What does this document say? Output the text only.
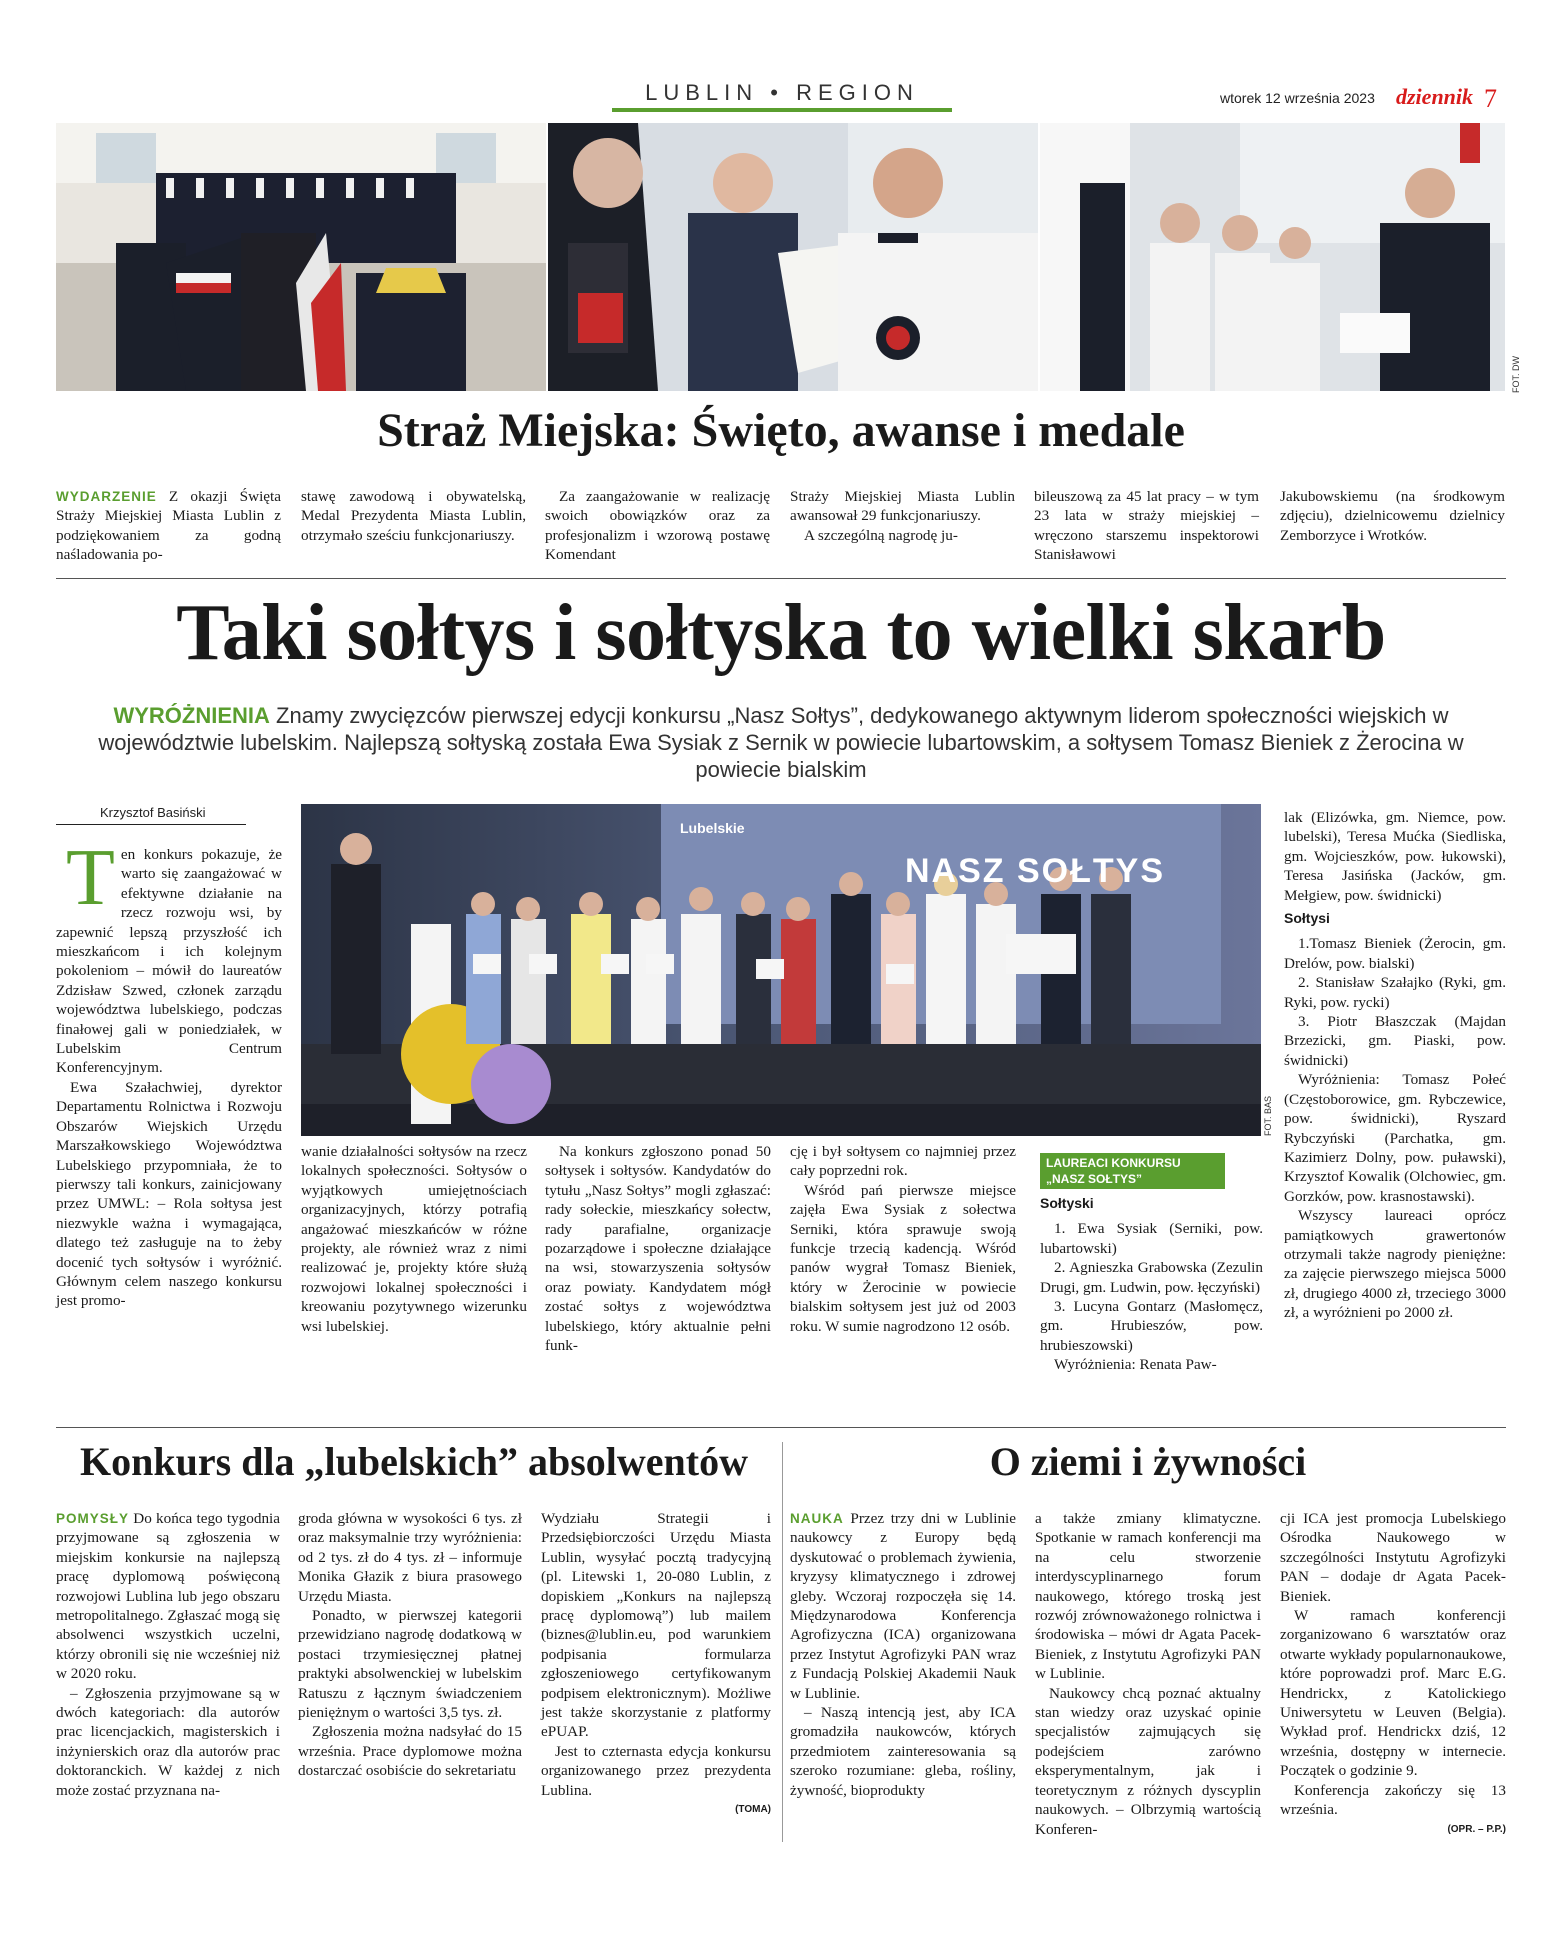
LUBLIN • REGION	wtorek 12 września 2023 dziennik 7
FOT. DW
Straż Miejska: Święto, awanse i medale

WYDARZENIE Z okazji Święta Straży Miejskiej Miasta Lublin z podziękowaniem za godną naśladowania po-

stawę zawodową i obywatelską, Medal Prezydenta Miasta Lublin, otrzymało sześciu funkcjonariuszy.

Za zaangażowanie w realizację swoich obowiązków oraz za profesjonalizm i wzorową postawę Komendant

Straży Miejskiej Miasta Lublin awansował 29 funkcjonariuszy.

A szczególną nagrodę ju-

bileuszową za 45 lat pracy – w tym 23 lata w straży miejskiej – wręczono starszemu inspektorowi Stanisławowi

Jakubowskiemu (na środkowym zdjęciu), dzielnicowemu dzielnicy Zemborzyce i Wrotków.

Taki sołtys i sołtyska to wielki skarb
WYRÓŻNIENIA Znamy zwycięzców pierwszej edycji konkursu „Nasz Sołtys”, dedykowanego aktywnym liderom społeczności wiejskich w województwie lubelskim. Najlepszą sołtyską została Ewa Sysiak z Sernik w powiecie lubartowskim, a sołtysem Tomasz Bieniek z Żerocina w powiecie bialskim
Krzysztof Basiński

Ten konkurs pokazuje, że warto się zaangażować w efektywne działanie na rzecz rozwoju wsi, by zapewnić lepszą przyszłość ich mieszkańcom i ich kolejnym pokoleniom – mówił do laureatów Zdzisław Szwed, członek zarządu województwa lubelskiego, podczas finałowej gali w poniedziałek, w Lubelskim Centrum Konferencyjnym.

Ewa Szałachwiej, dyrektor Departamentu Rolnictwa i Rozwoju Obszarów Wiejskich Urzędu Marszałkowskiego Województwa Lubelskiego przypomniała, że to pierwszy tali konkurs, zainicjowany przez UMWL: – Rola sołtysa jest niezwykle ważna i wymagająca, dlatego też zasługuje na to żeby docenić tych sołtysów i wyróżnić. Głównym celem naszego konkursu jest promo-

Lubelskie
NASZ SOŁTYS
FOT. BAS

wanie działalności sołtysów na rzecz lokalnych społeczności. Sołtysów o wyjątkowych umiejętnościach organizacyjnych, którzy potrafią angażować mieszkańców w różne projekty, ale również wraz z nimi realizować je, projekty które służą rozwojowi lokalnej społeczności i kreowaniu pozytywnego wizerunku wsi lubelskiej.

Na konkurs zgłoszono ponad 50 sołtysek i sołtysów. Kandydatów do tytułu „Nasz Sołtys” mogli zgłaszać: rady sołeckie, mieszkańcy sołectw, rady parafialne, organizacje pozarządowe i społeczne działające na wsi, stowarzyszenia sołtysów oraz powiaty. Kandydatem mógł zostać sołtys z województwa lubelskiego, który aktualnie pełni funk-

cję i był sołtysem co najmniej przez cały poprzedni rok.

Wśród pań pierwsze miejsce zajęła Ewa Sysiak z sołectwa Serniki, która sprawuje swoją funkcje trzecią kadencją. Wśród panów wygrał Tomasz Bieniek, który w Żerocinie w powiecie bialskim sołtysem jest już od 2003 roku. W sumie nagrodzono 12 osób.

LAUREACI KONKURSU „NASZ SOŁTYS”
Sołtyski

1. Ewa Sysiak (Serniki, pow. lubartowski)

2. Agnieszka Grabowska (Zezulin Drugi, gm. Ludwin, pow. łęczyński)

3. Lucyna Gontarz (Masłomęcz, gm. Hrubieszów, pow. hrubieszowski)

Wyróżnienia: Renata Paw-

lak (Elizówka, gm. Niemce, pow. lubelski), Teresa Mućka (Siedliska, gm. Wojcieszków, pow. łukowski), Teresa Jasińska (Jacków, gm. Mełgiew, pow. świdnicki)

Sołtysi

1.Tomasz Bieniek (Żerocin, gm. Drelów, pow. bialski)

2. Stanisław Szałajko (Ryki, gm. Ryki, pow. rycki)

3. Piotr Błaszczak (Majdan Brzezicki, gm. Piaski, pow. świdnicki)

Wyróżnienia: Tomasz Połeć (Częstoborowice, gm. Rybczewice, pow. świdnicki), Ryszard Rybczyński (Parchatka, gm. Kazimierz Dolny, pow. puławski), Krzysztof Kowalik (Olchowiec, gm. Gorzków, pow. krasnostawski).

Wszyscy laureaci oprócz pamiątkowych grawertonów otrzymali także nagrody pieniężne: za zajęcie pierwszego miejsca 5000 zł, drugiego 4000 zł, trzeciego 3000 zł, a wyróżnieni po 2000 zł.

Konkurs dla „lubelskich” absolwentów

POMYSŁY Do końca tego tygodnia przyjmowane są zgłoszenia w miejskim konkursie na najlepszą pracę dyplomową poświęconą rozwojowi Lublina lub jego obszaru metropolitalnego. Zgłaszać mogą się absolwenci wszystkich uczelni, którzy obronili się nie wcześniej niż w 2020 roku.

– Zgłoszenia przyjmowane są w dwóch kategoriach: dla autorów prac licencjackich, magisterskich i inżynierskich oraz dla autorów prac doktoranckich. W każdej z nich może zostać przyznana na-

groda główna w wysokości 6 tys. zł oraz maksymalnie trzy wyróżnienia: od 2 tys. zł do 4 tys. zł – informuje Monika Głazik z biura prasowego Urzędu Miasta.

Ponadto, w pierwszej kategorii przewidziano nagrodę dodatkową w postaci trzymiesięcznej płatnej praktyki absolwenckiej w lubelskim Ratuszu z łącznym świadczeniem pieniężnym o wartości 3,5 tys. zł.

Zgłoszenia można nadsyłać do 15 września. Prace dyplomowe można dostarczać osobiście do sekretariatu

Wydziału Strategii i Przedsiębiorczości Urzędu Miasta Lublin, wysyłać pocztą tradycyjną (pl. Litewski 1, 20-080 Lublin, z dopiskiem „Konkurs na najlepszą pracę dyplomową”) lub mailem (biznes@lublin.eu, pod warunkiem podpisania formularza zgłoszeniowego certyfikowanym podpisem elektronicznym). Możliwe jest także skorzystanie z platformy ePUAP.

Jest to czternasta edycja konkursu organizowanego przez prezydenta Lublina.

(TOMA)
O ziemi i żywności

NAUKA Przez trzy dni w Lublinie naukowcy z Europy będą dyskutować o problemach żywienia, kryzysy klimatycznego i zdrowej gleby. Wczoraj rozpoczęła się 14. Międzynarodowa Konferencja Agrofizyczna (ICA) organizowana przez Instytut Agrofizyki PAN wraz z Fundacją Polskiej Akademii Nauk w Lublinie.

– Naszą intencją jest, aby ICA gromadziła naukowców, których przedmiotem zainteresowania są szeroko rozumiane: gleba, rośliny, żywność, bioprodukty

a także zmiany klimatyczne. Spotkanie w ramach konferencji ma na celu stworzenie interdyscyplinarnego forum naukowego, którego troską jest rozwój zrównoważonego rolnictwa i środowiska – mówi dr Agata Pacek-Bieniek, z Instytutu Agrofizyki PAN w Lublinie.

Naukowcy chcą poznać aktualny stan wiedzy oraz uzyskać opinie specjalistów zajmujących się podejściem zarówno eksperymentalnym, jak i teoretycznym z różnych dyscyplin naukowych. – Olbrzymią wartością Konferen-

cji ICA jest promocja Lubelskiego Ośrodka Naukowego w szczególności Instytutu Agrofizyki PAN – dodaje dr Agata Pacek-Bieniek.

W ramach konferencji zorganizowano 6 warsztatów oraz otwarte wykłady popularnonaukowe, które poprowadzi prof. Marc E.G. Hendrickx, z Katolickiego Uniwersytetu w Leuven (Belgia). Wykład prof. Hendrickx dziś, 12 września, dostępny w internecie. Początek o godzinie 9.

Konferencja zakończy się 13 września.

(OPR. – P.P.)
